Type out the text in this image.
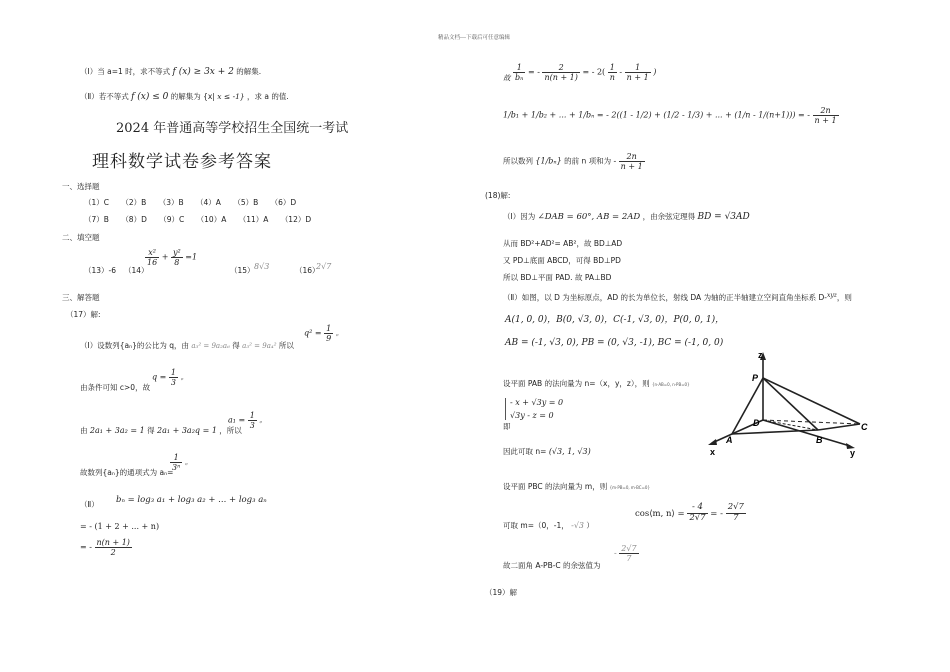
精品文档---下载后可任意编辑
（Ⅰ）当 a=1 时，求不等式 f (x) ≥ 3x + 2 的解集.
（Ⅱ）若不等式 f (x) ≤ 0 的解集为 {x| x ≤ -1} ，求 a 的值.
2024 年普通高等学校招生全国统一考试
理科数学试卷参考答案
一、选择题
（1）C （2）B （3）B （4）A （5）B （6）D
（7）B （8）D （9）C （10）A （11）A （12）D
二、填空题
（13）-6 （14）
$\frac{\text{x²}}{16} + \frac{\text{y²}}{8} =1$
（15） 8√3	（16）
2√7
三、解答题
（17）解:
（Ⅰ）设数列{aₙ}的公比为 q，由 a₃² = 9a₂a₆ 得 a₃² = 9a₄² 所以
$q^2 = \frac{1}{9}$ 。
由条件可知 c>0，故
$q = \frac{1}{3}$ 。
由 2a₁ + 3a₂ = 1 得 2a₁ + 3a₂q = 1 ，所以
$a_1 = \frac{1}{3}$ 。
故数列{aₙ}的通项式为 aₙ=
$\frac{1}{\text{3ⁿ}}$ 。
（Ⅱ） bₙ = log₃ a₁ + log₃ a₂ + ... + log₃ aₙ
= - (1 + 2 + ... + n)
= - $\frac{n(n + 1)}{2}$
故 $\frac{1}{\text{bₙ}}$ = - $\frac{2}{n(n + 1)}$ = - $2( \frac{1}{n} - \frac{1}{n + 1}$ )
1/b₁ + 1/b₂ + ... + 1/bₙ = - 2((1 - 1/2) + (1/2 - 1/3) + ... + (1/n - 1/(n+1))) = - $\frac{2n}{n + 1}$
所以数列 {1/bₙ} 的前 n 项和为 - $\frac{2n}{n + 1}$
(18)解:
（Ⅰ）因为 ∠DAB = 60°, AB = 2AD ，由余弦定理得 BD = √3AD
从而 BD²+AD²= AB²，故 BD⊥AD
又 PD⊥底面 ABCD，可得 BD⊥PD
所以 BD⊥平面 PAD. 故 PA⊥BD
（Ⅱ）如图，以 D 为坐标原点，AD 的长为单位长，射线 DA 为轴的正半轴建立空间直角坐标系 D-$^{xyz}$，则
A(1, 0, 0)，B(0, √3, 0)，C(-1, √3, 0)，P(0, 0, 1)，
AB = (-1, √3, 0), PB = (0, √3, -1), BC = (-1, 0, 0)
设平面 PAB 的法向量为 n=（x，y，z），则 {n·AB=0, n·PB=0}
- x + √3y = 0
√3y - z = 0
即
因此可取 n= (√3, 1, √3)
设平面 PBC 的法向量为 m，则 {m·PB=0, m·BC=0}
cos⟨m, n⟩ = $\frac{- 4}{2√7}$ = - $\frac{2√7}{7}$
可取 m=（0，-1， -√3 ）
故二面角 A-PB-C 的余弦值为
- $\frac{2√7}{7}$
（19）解
z
P
D	C
A	B
x	y
